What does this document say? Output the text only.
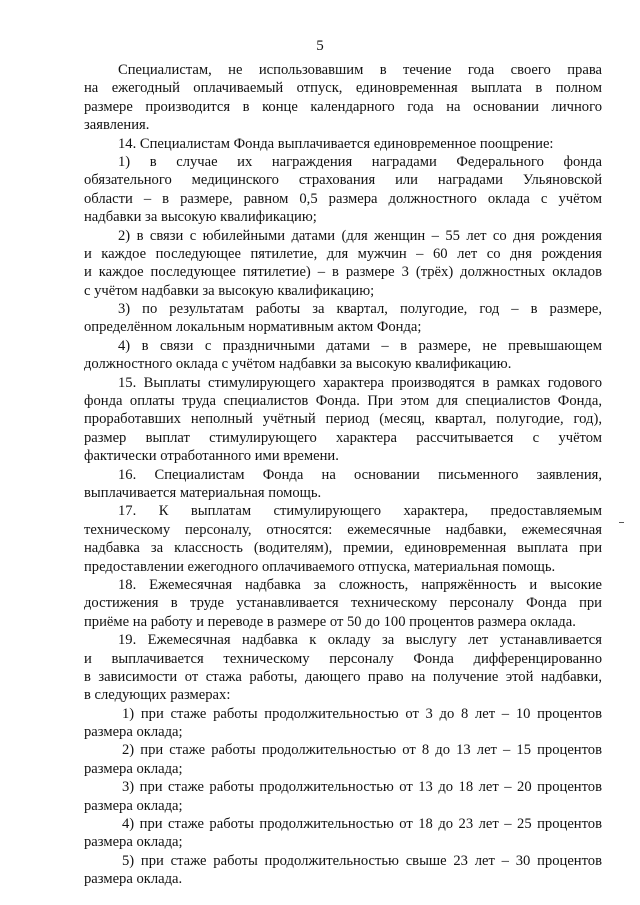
5
Специалистам, не использовавшим в течение года своего права
на ежегодный оплачиваемый отпуск, единовременная выплата в полном
размере производится в конце календарного года на основании личного
заявления.
14. Специалистам Фонда выплачивается единовременное поощрение:
1) в случае их награждения наградами Федерального фонда
обязательного медицинского страхования или наградами Ульяновской
области – в размере, равном 0,5 размера должностного оклада с учётом
надбавки за высокую квалификацию;
2) в связи с юбилейными датами (для женщин – 55 лет со дня рождения
и каждое последующее пятилетие, для мужчин – 60 лет со дня рождения
и каждое последующее пятилетие) – в размере 3 (трёх) должностных окладов
с учётом надбавки за высокую квалификацию;
3) по результатам работы за квартал, полугодие, год – в размере,
определённом локальным нормативным актом Фонда;
4) в связи с праздничными датами – в размере, не превышающем
должностного оклада с учётом надбавки за высокую квалификацию.
15. Выплаты стимулирующего характера производятся в рамках годового
фонда оплаты труда специалистов Фонда. При этом для специалистов Фонда,
проработавших неполный учётный период (месяц, квартал, полугодие, год),
размер выплат стимулирующего характера рассчитывается с учётом
фактически отработанного ими времени.
16. Специалистам Фонда на основании письменного заявления,
выплачивается материальная помощь.
17. К выплатам стимулирующего характера, предоставляемым
техническому персоналу, относятся: ежемесячные надбавки, ежемесячная
надбавка за классность (водителям), премии, единовременная выплата при
предоставлении ежегодного оплачиваемого отпуска, материальная помощь.
18. Ежемесячная надбавка за сложность, напряжённость и высокие
достижения в труде устанавливается техническому персоналу Фонда при
приёме на работу и переводе в размере от 50 до 100 процентов размера оклада.
19. Ежемесячная надбавка к окладу за выслугу лет устанавливается
и выплачивается техническому персоналу Фонда дифференцированно
в зависимости от стажа работы, дающего право на получение этой надбавки,
в следующих размерах:
1) при стаже работы продолжительностью от 3 до 8 лет – 10 процентов
размера оклада;
2) при стаже работы продолжительностью от 8 до 13 лет – 15 процентов
размера оклада;
3) при стаже работы продолжительностью от 13 до 18 лет – 20 процентов
размера оклада;
4) при стаже работы продолжительностью от 18 до 23 лет – 25 процентов
размера оклада;
5) при стаже работы продолжительностью свыше 23 лет – 30 процентов
размера оклада.
